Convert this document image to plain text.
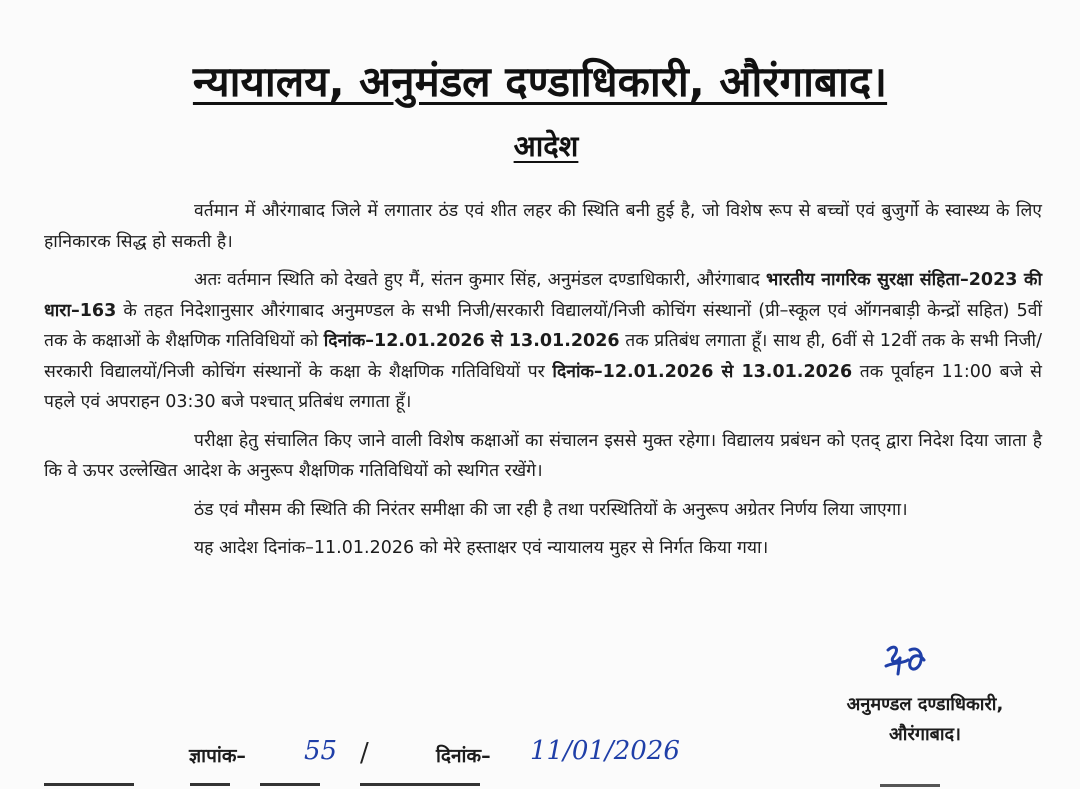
न्यायालय, अनुमंडल दण्डाधिकारी, औरंगाबाद।
आदेश

वर्तमान में औरंगाबाद जिले में लगातार ठंड एवं शीत लहर की स्थिति बनी हुई है, जो विशेष रूप से बच्चों एवं बुजुर्गो के स्वास्थ्य के लिए हानिकारक सिद्ध हो सकती है।

अतः वर्तमान स्थिति को देखते हुए मैं, संतन कुमार सिंह, अनुमंडल दण्डाधिकारी, औरंगाबाद भारतीय नागरिक सुरक्षा संहिता–2023 की धारा–163 के तहत निदेशानुसार औरंगाबाद अनुमण्डल के सभी निजी/सरकारी विद्यालयों/निजी कोचिंग संस्थानों (प्री–स्कूल एवं ऑगनबाड़ी केन्द्रों सहित) 5वीं तक के कक्षाओं के शैक्षणिक गतिविधियों को दिनांक–12.01.2026 से 13.01.2026 तक प्रतिबंध लगाता हूँ। साथ ही, 6वीं से 12वीं तक के सभी निजी/सरकारी विद्यालयों/निजी कोचिंग संस्थानों के कक्षा के शैक्षणिक गतिविधियों पर दिनांक–12.01.2026 से 13.01.2026 तक पूर्वाहन 11:00 बजे से पहले एवं अपराहन 03:30 बजे पश्चात् प्रतिबंध लगाता हूँ।

परीक्षा हेतु संचालित किए जाने वाली विशेष कक्षाओं का संचालन इससे मुक्त रहेगा। विद्यालय प्रबंधन को एतद् द्वारा निदेश दिया जाता है कि वे ऊपर उल्लेखित आदेश के अनुरूप शैक्षणिक गतिविधियों को स्थगित रखेंगे।

ठंड एवं मौसम की स्थिति की निरंतर समीक्षा की जा रही है तथा परस्थितियों के अनुरूप अग्रेतर निर्णय लिया जाएगा।

यह आदेश दिनांक–11.01.2026 को मेरे हस्ताक्षर एवं न्यायालय मुहर से निर्गत किया गया।

अनुमण्डल दण्डाधिकारी,
औरंगाबाद।
ज्ञापांक– 55 /	दिनांक– 11/01/2026
